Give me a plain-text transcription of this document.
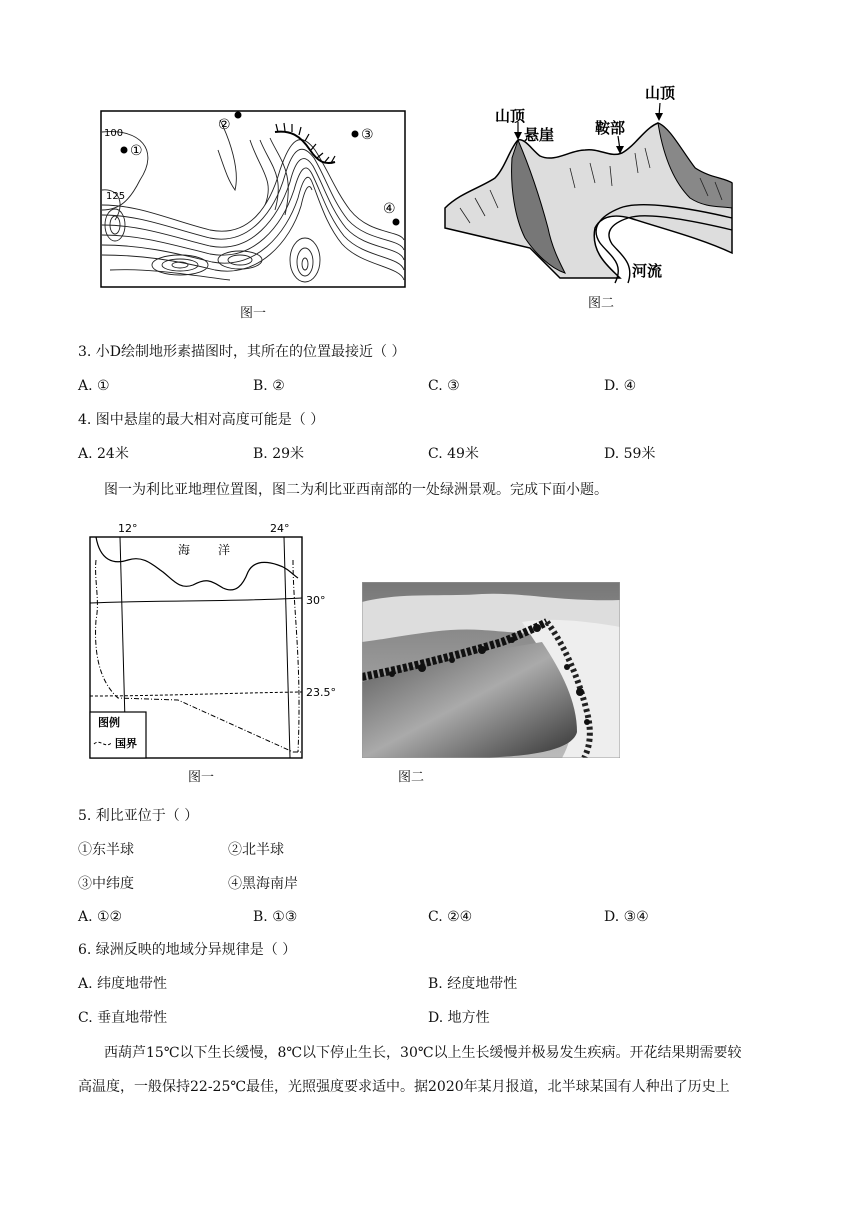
①
②
③
④
100
125
图一
山顶
悬崖	鞍部
山顶
河流
图二
3. 小D绘制地形素描图时，其所在的位置最接近（ ）
A. ①	B. ②	C. ③	D. ④
4. 图中悬崖的最大相对高度可能是（ ）
A. 24米	B. 29米	C. 49米	D. 59米
图一为利比亚地理位置图，图二为利比亚西南部的一处绿洲景观。完成下面小题。
12°	24°
30°
23.5°
海 洋
图例
国界
图一	图二
5. 利比亚位于（ ）
①东半球	②北半球
③中纬度	④黑海南岸
A. ①②	B. ①③	C. ②④	D. ③④
6. 绿洲反映的地域分异规律是（ ）
A. 纬度地带性	B. 经度地带性
C. 垂直地带性	D. 地方性
西葫芦15℃以下生长缓慢，8℃以下停止生长，30℃以上生长缓慢并极易发生疾病。开花结果期需要较
高温度，一般保持22-25℃最佳，光照强度要求适中。据2020年某月报道，北半球某国有人种出了历史上
